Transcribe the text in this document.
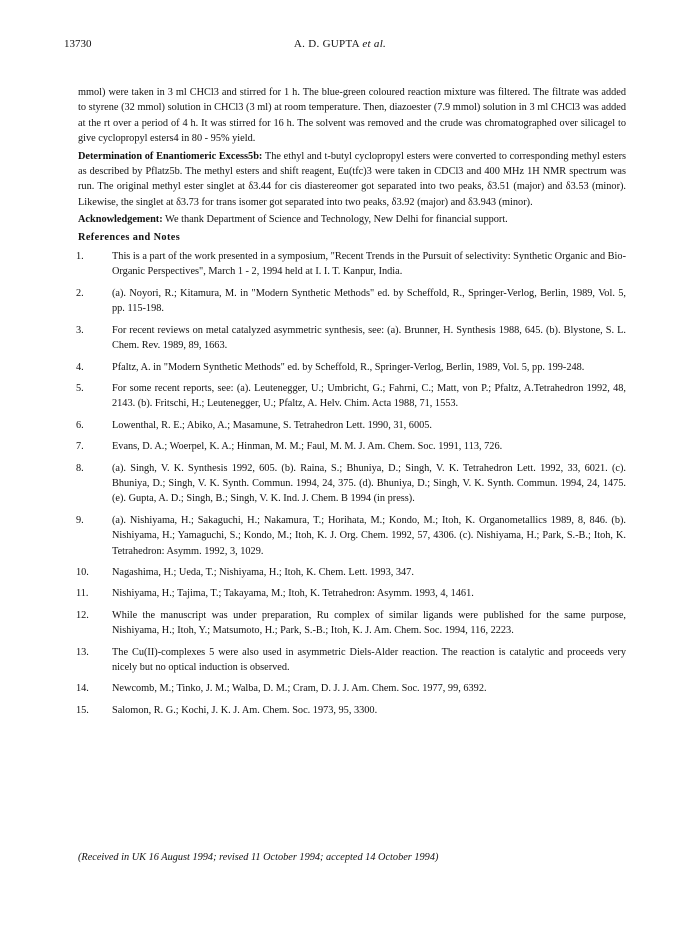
13730	A. D. GUPTA et al.

mmol) were taken in 3 ml CHCl3 and stirred for 1 h. The blue-green coloured reaction mixture was filtered. The filtrate was added to styrene (32 mmol) solution in CHCl3 (3 ml) at room temperature. Then, diazoester (7.9 mmol) solution in 3 ml CHCl3 was added at the rt over a period of 4 h. It was stirred for 16 h. The solvent was removed and the crude was chromatographed over silicagel to give cyclopropyl esters4 in 80 - 95% yield.

Determination of Enantiomeric Excess5b: The ethyl and t-butyl cyclopropyl esters were converted to corresponding methyl esters as described by Pflatz5b. The methyl esters and shift reagent, Eu(tfc)3 were taken in CDCl3 and 400 MHz 1H NMR spectrum was run. The original methyl ester singlet at δ3.44 for cis diastereomer got separated into two peaks, δ3.51 (major) and δ3.53 (minor). Likewise, the singlet at δ3.73 for trans isomer got separated into two peaks, δ3.92 (major) and δ3.943 (minor).

Acknowledgement: We thank Department of Science and Technology, New Delhi for financial support.

References and Notes
1.	This is a part of the work presented in a symposium, "Recent Trends in the Pursuit of selectivity: Synthetic Organic and Bio-Organic Perspectives", March 1 - 2, 1994 held at I. I. T. Kanpur, India.
2.	(a). Noyori, R.; Kitamura, M. in "Modern Synthetic Methods" ed. by Scheffold, R., Springer-Verlog, Berlin, 1989, Vol. 5, pp. 115-198.
3.	For recent reviews on metal catalyzed asymmetric synthesis, see: (a). Brunner, H. Synthesis 1988, 645. (b). Blystone, S. L. Chem. Rev. 1989, 89, 1663.
4.	Pfaltz, A. in "Modern Synthetic Methods" ed. by Scheffold, R., Springer-Verlog, Berlin, 1989, Vol. 5, pp. 199-248.
5.	For some recent reports, see: (a). Leutenegger, U.; Umbricht, G.; Fahrni, C.; Matt, von P.; Pfaltz, A.Tetrahedron 1992, 48, 2143. (b). Fritschi, H.; Leutenegger, U.; Pfaltz, A. Helv. Chim. Acta 1988, 71, 1553.
6.	Lowenthal, R. E.; Abiko, A.; Masamune, S. Tetrahedron Lett. 1990, 31, 6005.
7.	Evans, D. A.; Woerpel, K. A.; Hinman, M. M.; Faul, M. M. J. Am. Chem. Soc. 1991, 113, 726.
8.	(a). Singh, V. K. Synthesis 1992, 605. (b). Raina, S.; Bhuniya, D.; Singh, V. K. Tetrahedron Lett. 1992, 33, 6021. (c). Bhuniya, D.; Singh, V. K. Synth. Commun. 1994, 24, 375. (d). Bhuniya, D.; Singh, V. K. Synth. Commun. 1994, 24, 1475. (e). Gupta, A. D.; Singh, B.; Singh, V. K. Ind. J. Chem. B 1994 (in press).
9.	(a). Nishiyama, H.; Sakaguchi, H.; Nakamura, T.; Horihata, M.; Kondo, M.; Itoh, K. Organometallics 1989, 8, 846. (b). Nishiyama, H.; Yamaguchi, S.; Kondo, M.; Itoh, K. J. Org. Chem. 1992, 57, 4306. (c). Nishiyama, H.; Park, S.-B.; Itoh, K. Tetrahedron: Asymm. 1992, 3, 1029.
10. Nagashima, H.; Ueda, T.; Nishiyama, H.; Itoh, K. Chem. Lett. 1993, 347.
11. Nishiyama, H.; Tajima, T.; Takayama, M.; Itoh, K. Tetrahedron: Asymm. 1993, 4, 1461.
12. While the manuscript was under preparation, Ru complex of similar ligands were published for the same purpose, Nishiyama, H.; Itoh, Y.; Matsumoto, H.; Park, S.-B.; Itoh, K. J. Am. Chem. Soc. 1994, 116, 2223.
13. The Cu(II)-complexes 5 were also used in asymmetric Diels-Alder reaction. The reaction is catalytic and proceeds very nicely but no optical induction is observed.
14. Newcomb, M.; Tinko, J. M.; Walba, D. M.; Cram, D. J. J. Am. Chem. Soc. 1977, 99, 6392.
15. Salomon, R. G.; Kochi, J. K. J. Am. Chem. Soc. 1973, 95, 3300.
(Received in UK 16 August 1994; revised 11 October 1994; accepted 14 October 1994)
